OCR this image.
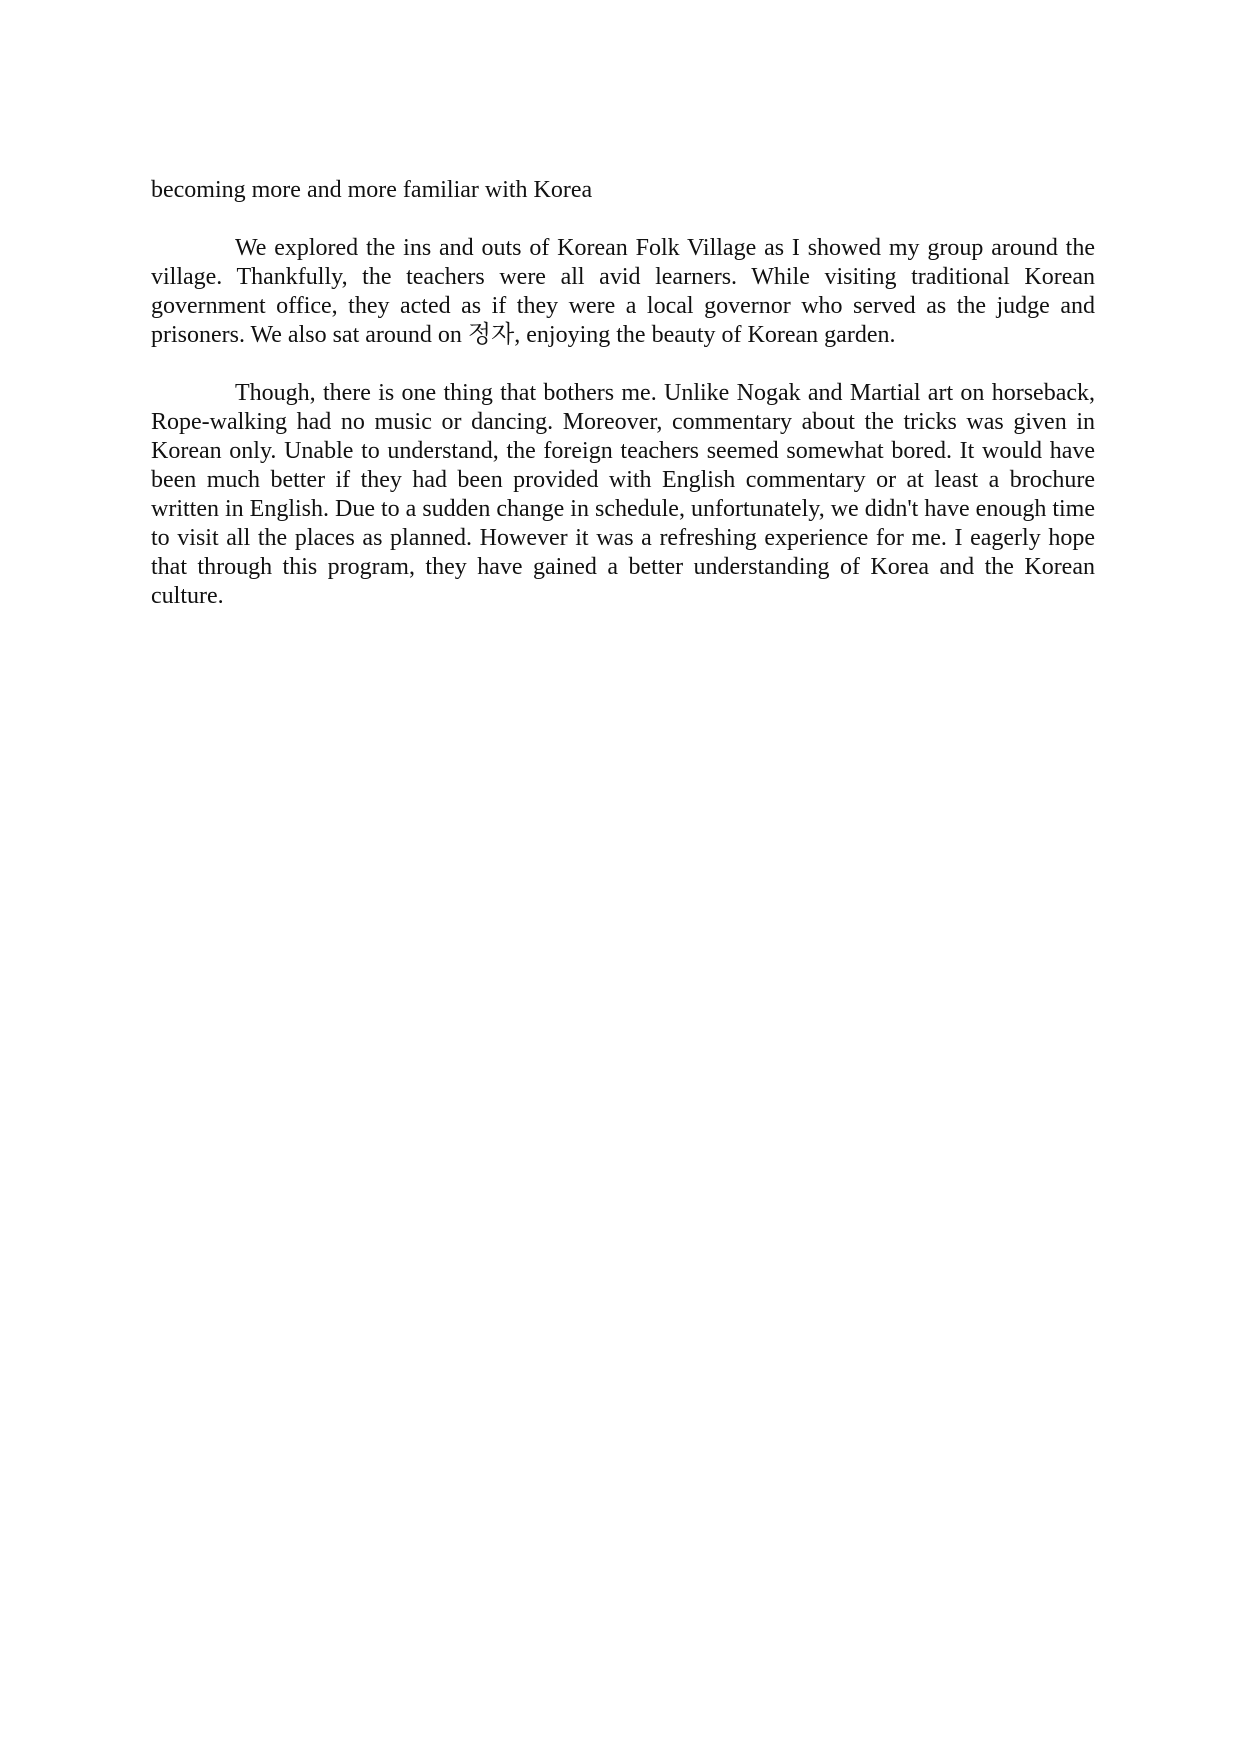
becoming more and more familiar with Korea

We explored the ins and outs of Korean Folk Village as I showed my group around the village. Thankfully, the teachers were all avid learners. While visiting traditional Korean government office, they acted as if they were a local governor who served as the judge and prisoners. We also sat around on 정자, enjoying the beauty of Korean garden.

Though, there is one thing that bothers me. Unlike Nogak and Martial art on horseback, Rope-walking had no music or dancing. Moreover, commentary about the tricks was given in Korean only. Unable to understand, the foreign teachers seemed somewhat bored. It would have been much better if they had been provided with English commentary or at least a brochure written in English. Due to a sudden change in schedule, unfortunately, we didn't have enough time to visit all the places as planned. However it was a refreshing experience for me. I eagerly hope that through this program, they have gained a better understanding of Korea and the Korean culture.
